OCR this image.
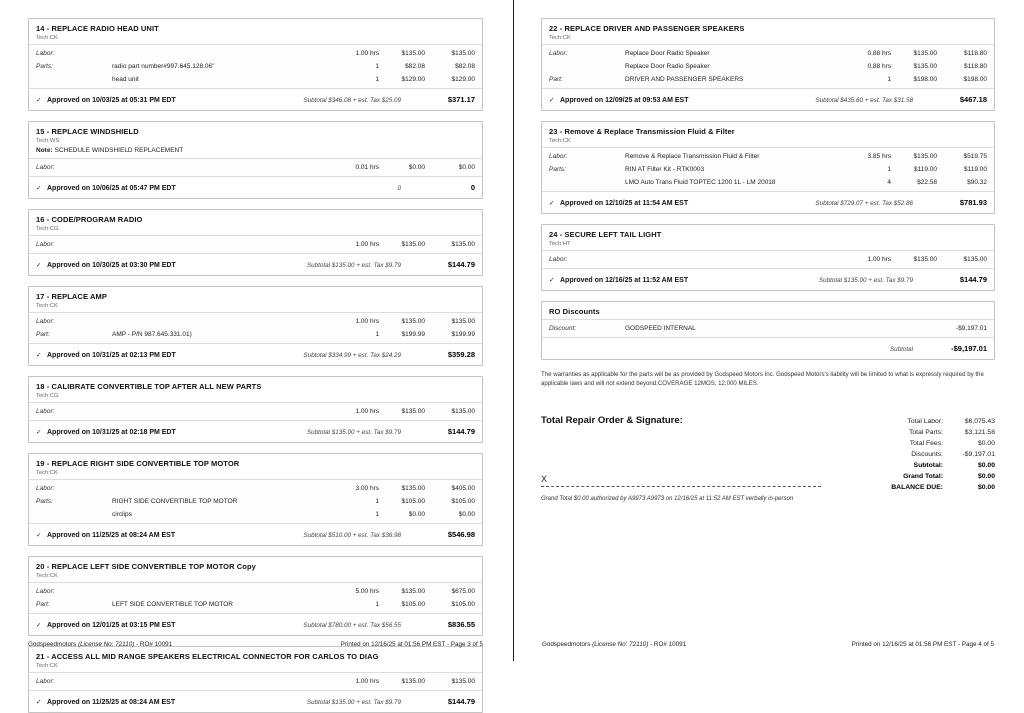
14 - REPLACE RADIO HEAD UNIT
Tech:CK
Labor:	1.00 hrs	$135.00	$135.00
Parts:	radio part number#997.645.128.06"	1	$82.08	$82.08
head unit	1	$129.00	$129.00
✓ Approved on 10/03/25 at 05:31 PM EDT	Subtotal $346.08 + est. Tax $25.09	$371.17
15 - REPLACE WINDSHIELD
Tech:WS
Note: SCHEDULE WINDSHIELD REPLACEMENT
Labor:	0.01 hrs	$0.00	$0.00
✓ Approved on 10/06/25 at 05:47 PM EDT	0	0
16 - CODE/PROGRAM RADIO
Tech:CG
Labor:	1.00 hrs	$135.00	$135.00
✓ Approved on 10/30/25 at 03:30 PM EDT	Subtotal $135.00 + est. Tax $9.79	$144.79
17 - REPLACE AMP
Tech:CK
Labor:	1.00 hrs	$135.00	$135.00
Part:	AMP - P/N 987.645.331.01)	1	$199.99	$199.99
✓ Approved on 10/31/25 at 02:13 PM EDT	Subtotal $334.99 + est. Tax $24.29	$359.28
18 - CALIBRATE CONVERTIBLE TOP AFTER ALL NEW PARTS
Tech:CG
Labor:	1.00 hrs	$135.00	$135.00
✓ Approved on 10/31/25 at 02:18 PM EDT	Subtotal $135.00 + est. Tax $9.79	$144.79
19 - REPLACE RIGHT SIDE CONVERTIBLE TOP MOTOR
Tech:CK
Labor:	3.00 hrs	$135.00	$405.00
Parts:	RIGHT SIDE CONVERTIBLE TOP MOTOR	1	$105.00	$105.00
circlips	1	$0.00	$0.00
✓ Approved on 11/25/25 at 08:24 AM EST	Subtotal $510.00 + est. Tax $36.98	$546.98
20 - REPLACE LEFT SIDE CONVERTIBLE TOP MOTOR Copy
Tech:CK
Labor:	5.00 hrs	$135.00	$675.00
Part:	LEFT SIDE CONVERTIBLE TOP MOTOR	1	$105.00	$105.00
✓ Approved on 12/01/25 at 03:15 PM EST	Subtotal $780.00 + est. Tax $56.55	$836.55
21 - ACCESS ALL MID RANGE SPEAKERS ELECTRICAL CONNECTOR FOR CARLOS TO DIAG
Tech:CK
Labor:	1.00 hrs	$135.00	$135.00
✓ Approved on 11/25/25 at 08:24 AM EST	Subtotal $135.00 + est. Tax $9.79	$144.79
Godspeedmotors (License No: 72110) - RO# 10091	Printed on 12/16/25 at 01:56 PM EST - Page 3 of 5
22 - REPLACE DRIVER AND PASSENGER SPEAKERS
Tech:CK
Labor:	Replace Door Radio Speaker	0.88 hrs	$135.00	$118.80
Replace Door Radio Speaker	0.88 hrs	$135.00	$118.80
Part:	DRIVER AND PASSENGER SPEAKERS	1	$198.00	$198.00
✓ Approved on 12/09/25 at 09:53 AM EST	Subtotal $435.60 + est. Tax $31.58	$467.18
23 - Remove & Replace Transmission Fluid & Filter
Tech:CK
Labor:	Remove & Replace Transmission Fluid & Filter	3.85 hrs	$135.00	$519.75
Parts:	RIN AT Filter Kit - RTK0003	1	$119.00	$119.00
LMO Auto Trans Fluid TOPTEC 1200 1L - LM 20018	4	$22.58	$90.32
✓ Approved on 12/10/25 at 11:54 AM EST	Subtotal $729.07 + est. Tax $52.86	$781.93
24 - SECURE LEFT TAIL LIGHT
Tech:HT
Labor:	1.00 hrs	$135.00	$135.00
✓ Approved on 12/16/25 at 11:52 AM EST	Subtotal $135.00 + est. Tax $9.79	$144.79
RO Discounts
Discount:	GODSPEED INTERNAL	-$9,197.01
Subtotal	-$9,197.01
The warranties as applicable for the parts will be as provided by Godspeed Motors Inc. Godspeed Motors's liability will be limited to what is expressly required by the applicable laws and will not extend beyond.COVERAGE 12MOS, 12,000 MILES.
Total Repair Order & Signature:
X
Grand Total $0.00 authorized by A9973 A9973 on 12/16/25 at 11:52 AM EST verbally in-person
Total Labor:	$6,075.43
Total Parts:	$3,121.58
Total Fees:	$0.00
Discounts:	-$9,197.01
Subtotal:	$0.00
Grand Total:	$0.00
BALANCE DUE:	$0.00
Godspeedmotors (License No: 72110) - RO# 10091	Printed on 12/16/25 at 01:56 PM EST - Page 4 of 5
